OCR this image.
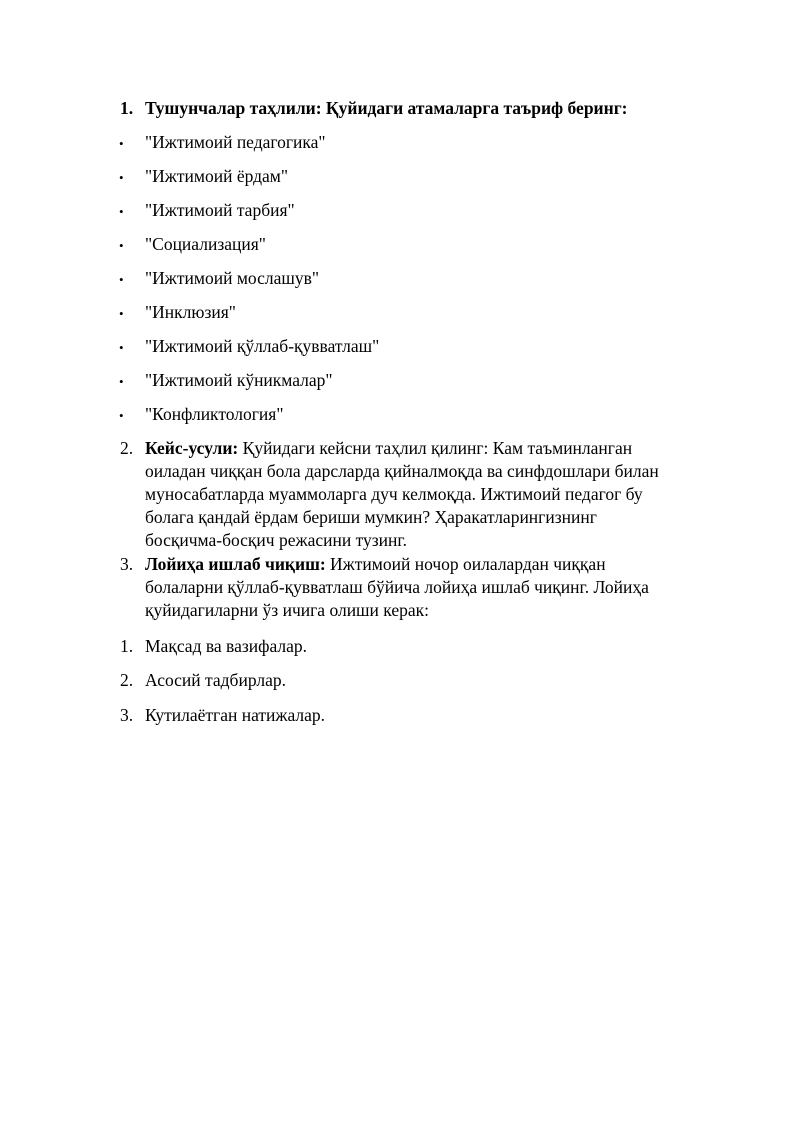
1. Тушунчалар таҳлили: Қуйидаги атамаларга таъриф беринг:
• "Ижтимоий педагогика"
• "Ижтимоий ёрдам"
• "Ижтимоий тарбия"
• "Социализация"
• "Ижтимоий мослашув"
• "Инклюзия"
• "Ижтимоий қўллаб-қувватлаш"
• "Ижтимоий кўникмалар"
• "Конфликтология"
2. Кейс-усули: Қуйидаги кейсни таҳлил қилинг: Кам таъминланган
оиладан чиққан бола дарсларда қийналмоқда ва синфдошлари билан
муносабатларда муаммоларга дуч келмоқда. Ижтимоий педагог бу
болага қандай ёрдам бериши мумкин? Ҳаракатларингизнинг
босқичма-босқич режасини тузинг.
3. Лойиҳа ишлаб чиқиш: Ижтимоий ночор оилалардан чиққан
болаларни қўллаб-қувватлаш бўйича лойиҳа ишлаб чиқинг. Лойиҳа
қуйидагиларни ўз ичига олиши керак:
1. Мақсад ва вазифалар.
2. Асосий тадбирлар.
3. Кутилаётган натижалар.
